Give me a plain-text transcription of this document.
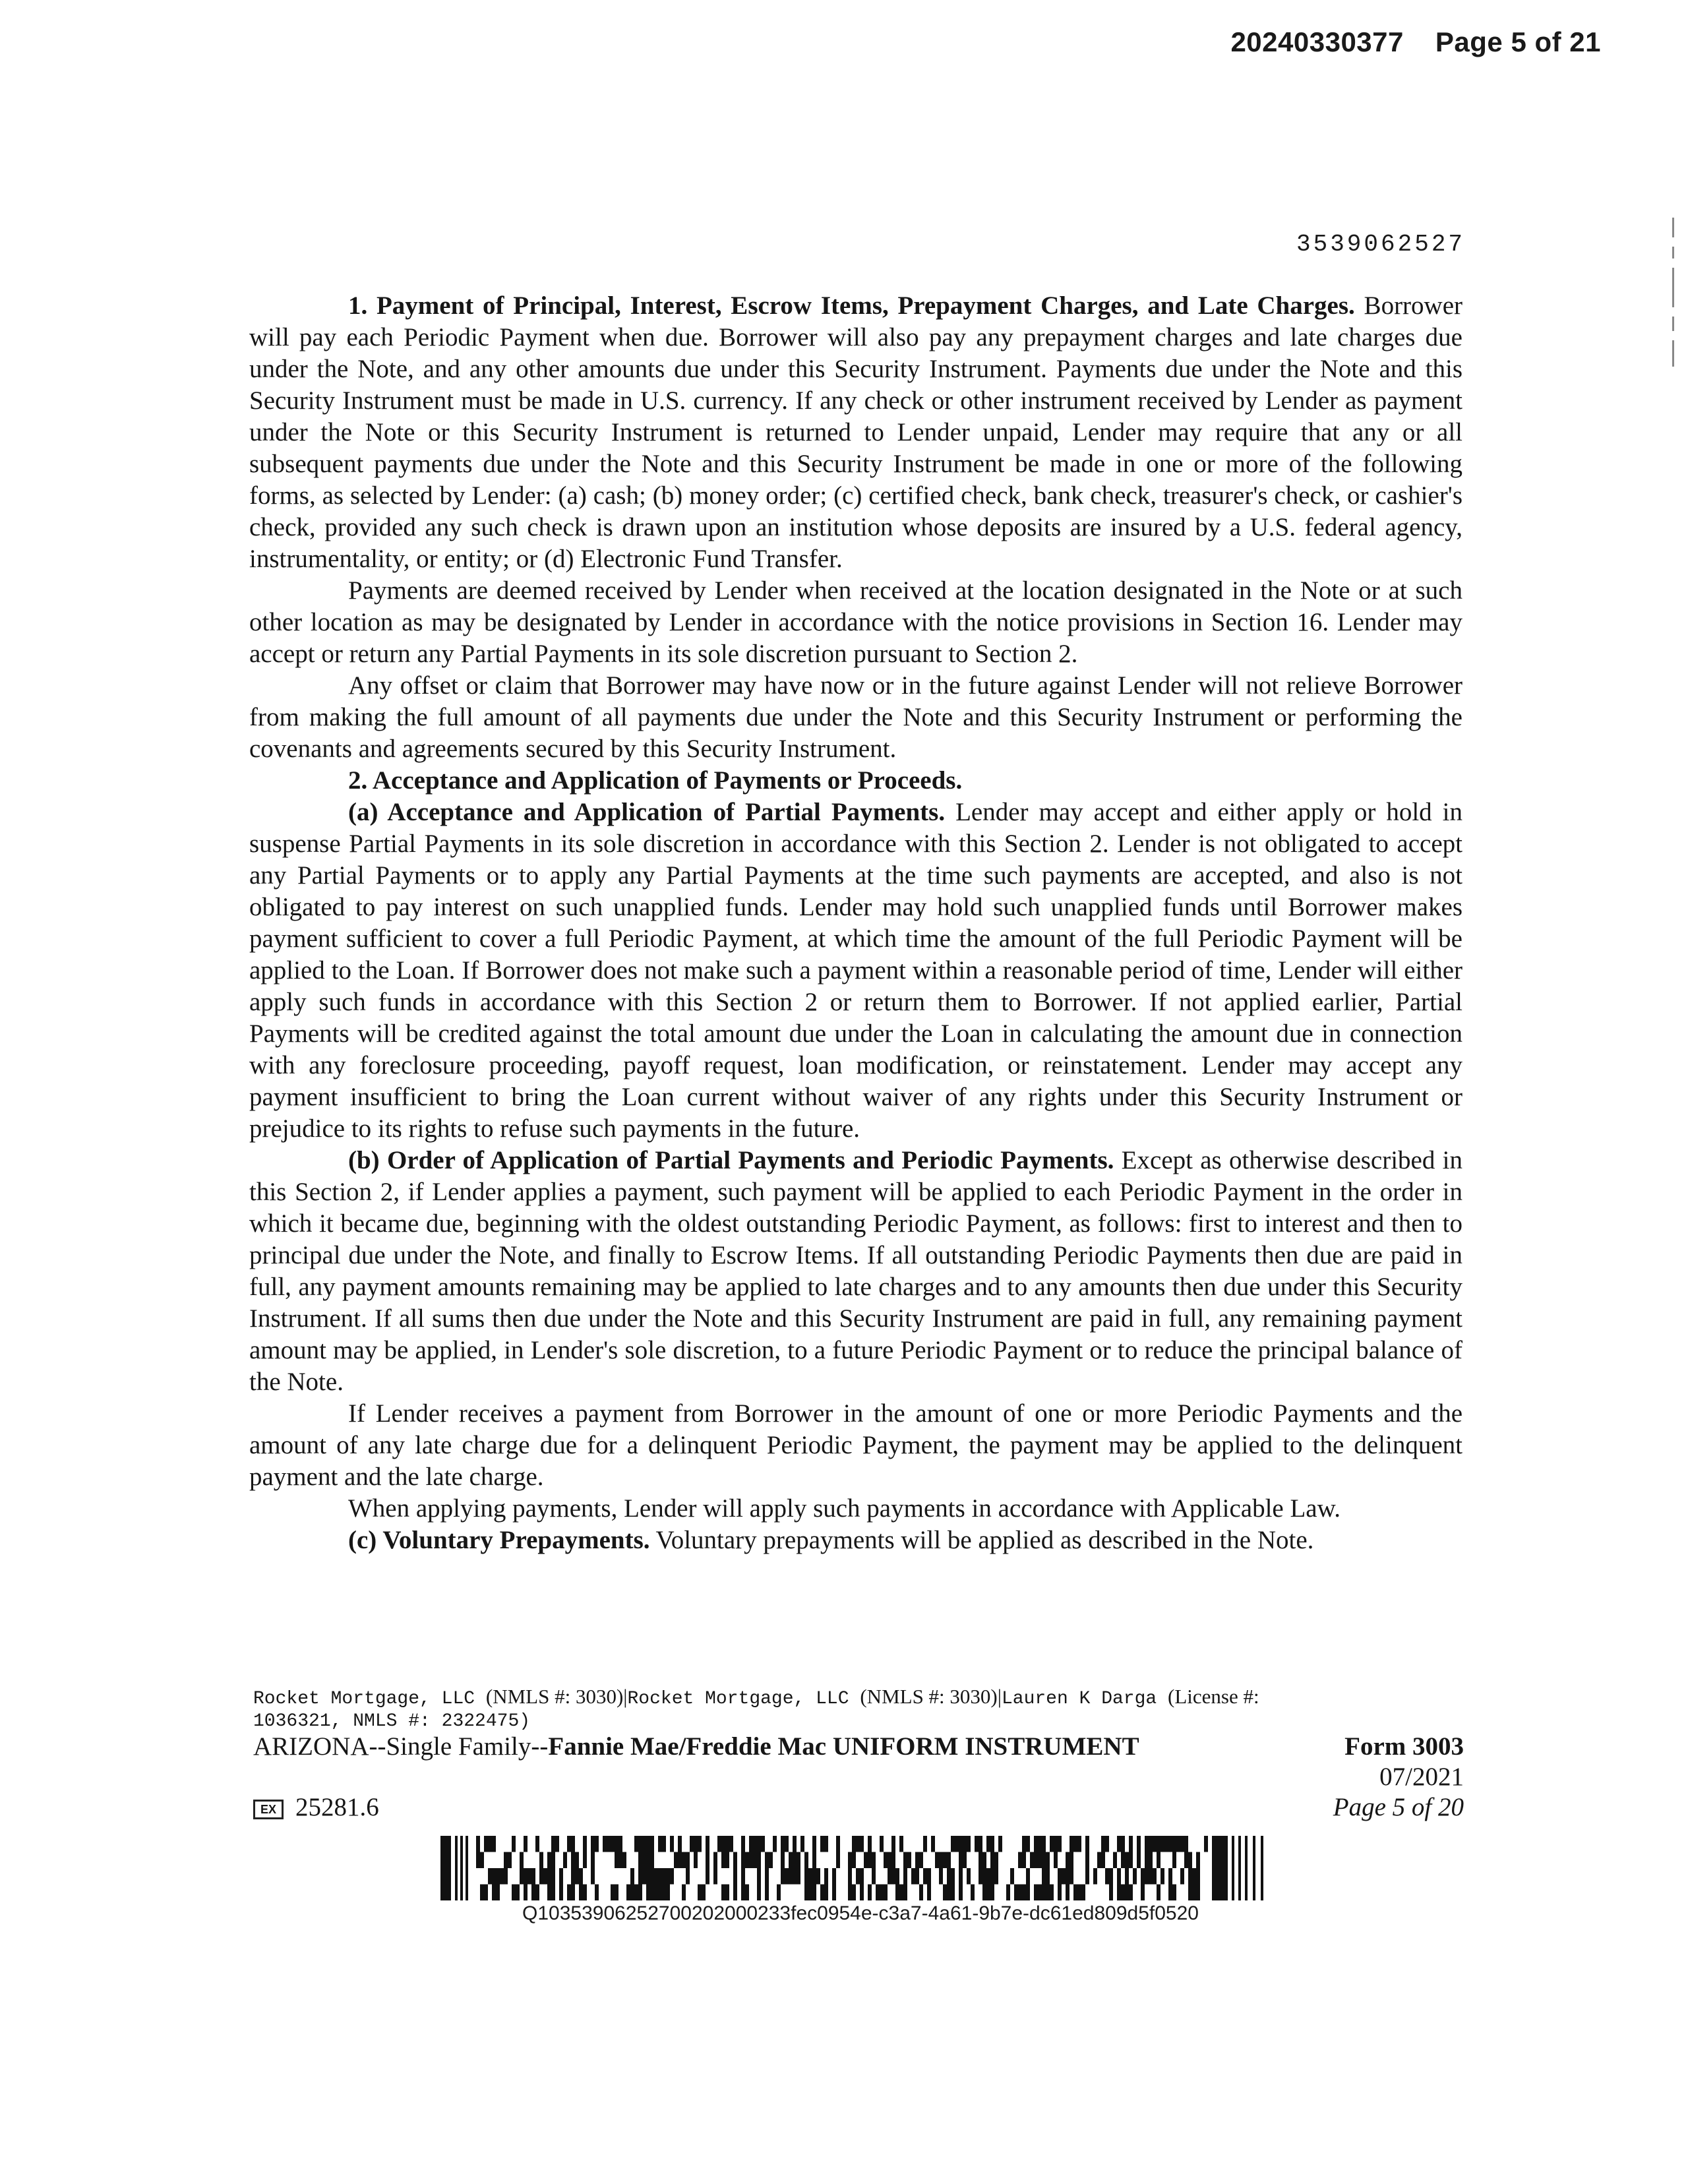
20240330377 Page 5 of 21
3539062527

1. Payment of Principal, Interest, Escrow Items, Prepayment Charges, and Late Charges. Borrower will pay each Periodic Payment when due. Borrower will also pay any prepayment charges and late charges due under the Note, and any other amounts due under this Security Instrument. Payments due under the Note and this Security Instrument must be made in U.S. currency. If any check or other instrument received by Lender as payment under the Note or this Security Instrument is returned to Lender unpaid, Lender may require that any or all subsequent payments due under the Note and this Security Instrument be made in one or more of the following forms, as selected by Lender: (a) cash; (b) money order; (c) certified check, bank check, treasurer's check, or cashier's check, provided any such check is drawn upon an institution whose deposits are insured by a U.S. federal agency, instrumentality, or entity; or (d) Electronic Fund Transfer.

Payments are deemed received by Lender when received at the location designated in the Note or at such other location as may be designated by Lender in accordance with the notice provisions in Section 16. Lender may accept or return any Partial Payments in its sole discretion pursuant to Section 2.

Any offset or claim that Borrower may have now or in the future against Lender will not relieve Borrower from making the full amount of all payments due under the Note and this Security Instrument or performing the covenants and agreements secured by this Security Instrument.

2. Acceptance and Application of Payments or Proceeds.

(a) Acceptance and Application of Partial Payments. Lender may accept and either apply or hold in suspense Partial Payments in its sole discretion in accordance with this Section 2. Lender is not obligated to accept any Partial Payments or to apply any Partial Payments at the time such payments are accepted, and also is not obligated to pay interest on such unapplied funds. Lender may hold such unapplied funds until Borrower makes payment sufficient to cover a full Periodic Payment, at which time the amount of the full Periodic Payment will be applied to the Loan. If Borrower does not make such a payment within a reasonable period of time, Lender will either apply such funds in accordance with this Section 2 or return them to Borrower. If not applied earlier, Partial Payments will be credited against the total amount due under the Loan in calculating the amount due in connection with any foreclosure proceeding, payoff request, loan modification, or reinstatement. Lender may accept any payment insufficient to bring the Loan current without waiver of any rights under this Security Instrument or prejudice to its rights to refuse such payments in the future.

(b) Order of Application of Partial Payments and Periodic Payments. Except as otherwise described in this Section 2, if Lender applies a payment, such payment will be applied to each Periodic Payment in the order in which it became due, beginning with the oldest outstanding Periodic Payment, as follows: first to interest and then to principal due under the Note, and finally to Escrow Items. If all outstanding Periodic Payments then due are paid in full, any payment amounts remaining may be applied to late charges and to any amounts then due under this Security Instrument. If all sums then due under the Note and this Security Instrument are paid in full, any remaining payment amount may be applied, in Lender's sole discretion, to a future Periodic Payment or to reduce the principal balance of the Note.

If Lender receives a payment from Borrower in the amount of one or more Periodic Payments and the amount of any late charge due for a delinquent Periodic Payment, the payment may be applied to the delinquent payment and the late charge.

When applying payments, Lender will apply such payments in accordance with Applicable Law.

(c) Voluntary Prepayments. Voluntary prepayments will be applied as described in the Note.

Rocket Mortgage, LLC (NMLS #: 3030)|Rocket Mortgage, LLC (NMLS #: 3030)|Lauren K Darga (License #:
1036321, NMLS #: 2322475)
ARIZONA--Single Family--Fannie Mae/Freddie Mac UNIFORM INSTRUMENT	Form 3003
07/2021
EX 25281.6	Page 5 of 20
Q10353906252700202000233fec0954e-c3a7-4a61-9b7e-dc61ed809d5f0520
